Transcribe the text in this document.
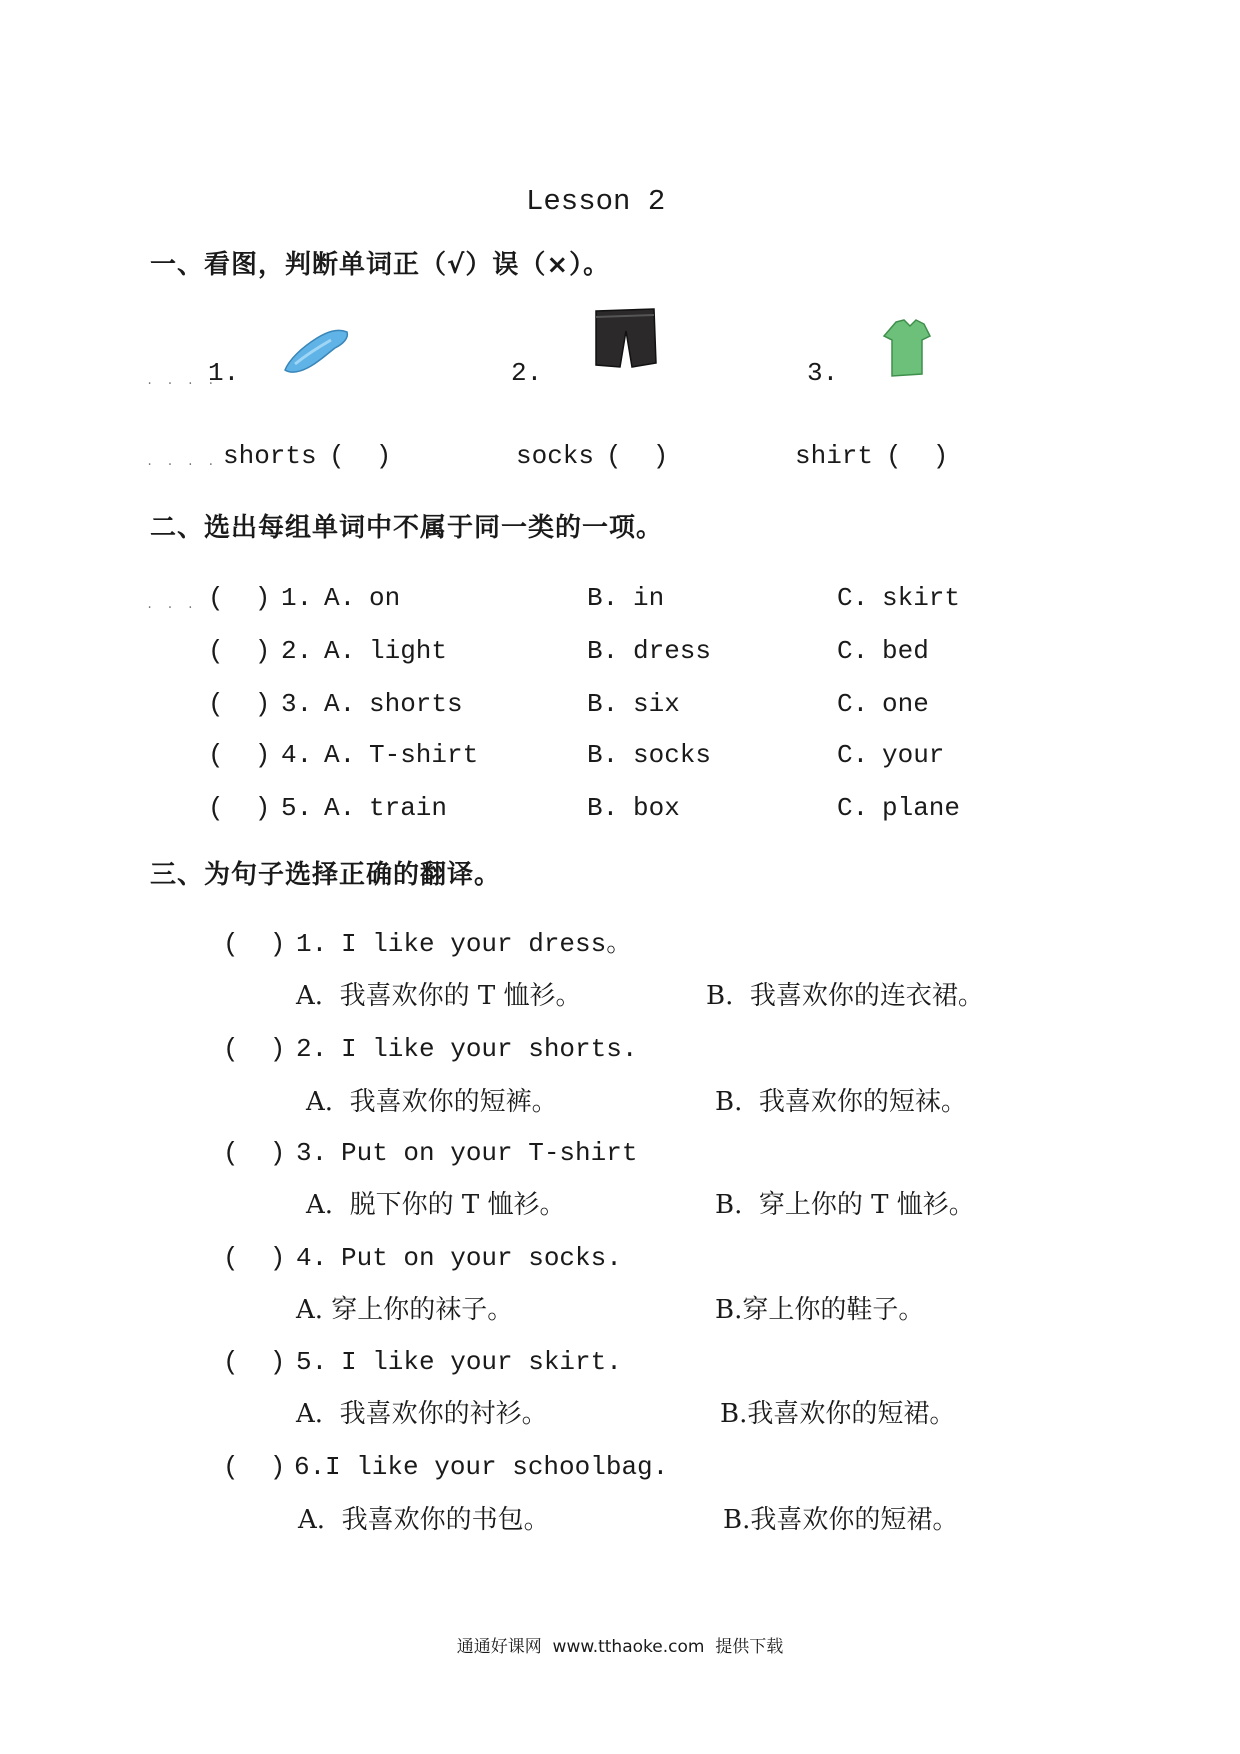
Lesson 2
一、看图，判断单词正（√）误（×）。
. . . .
1.	2.	3.
. . . . shorts (  )	socks (  )	shirt (  )
二、选出每组单词中不属于同一类的一项。
. . . (  ) 1. A. on	B. in	C. skirt
(  ) 2. A. light	B. dress	C. bed
(  ) 3. A. shorts	B. six	C. one
(  ) 4. A. T-shirt	B. socks	C. your
(  ) 5. A. train	B. box	C. plane
三、为句子选择正确的翻译。
(  ) 1. I like your dress。
A.  我喜欢你的 T 恤衫。	B.  我喜欢你的连衣裙。
(  ) 2. I like your shorts.
A.  我喜欢你的短裤。	B.  我喜欢你的短袜。
(  ) 3. Put on your T-shirt
A.  脱下你的 T 恤衫。	B.  穿上你的 T 恤衫。
(  ) 4. Put on your socks.
A. 穿上你的袜子。	B.穿上你的鞋子。
(  ) 5. I like your skirt.
A.  我喜欢你的衬衫。	B.我喜欢你的短裙。
(  ) 6. I like your schoolbag.
A.  我喜欢你的书包。	B.我喜欢你的短裙。
通通好课网  www.tthaoke.com  提供下载
